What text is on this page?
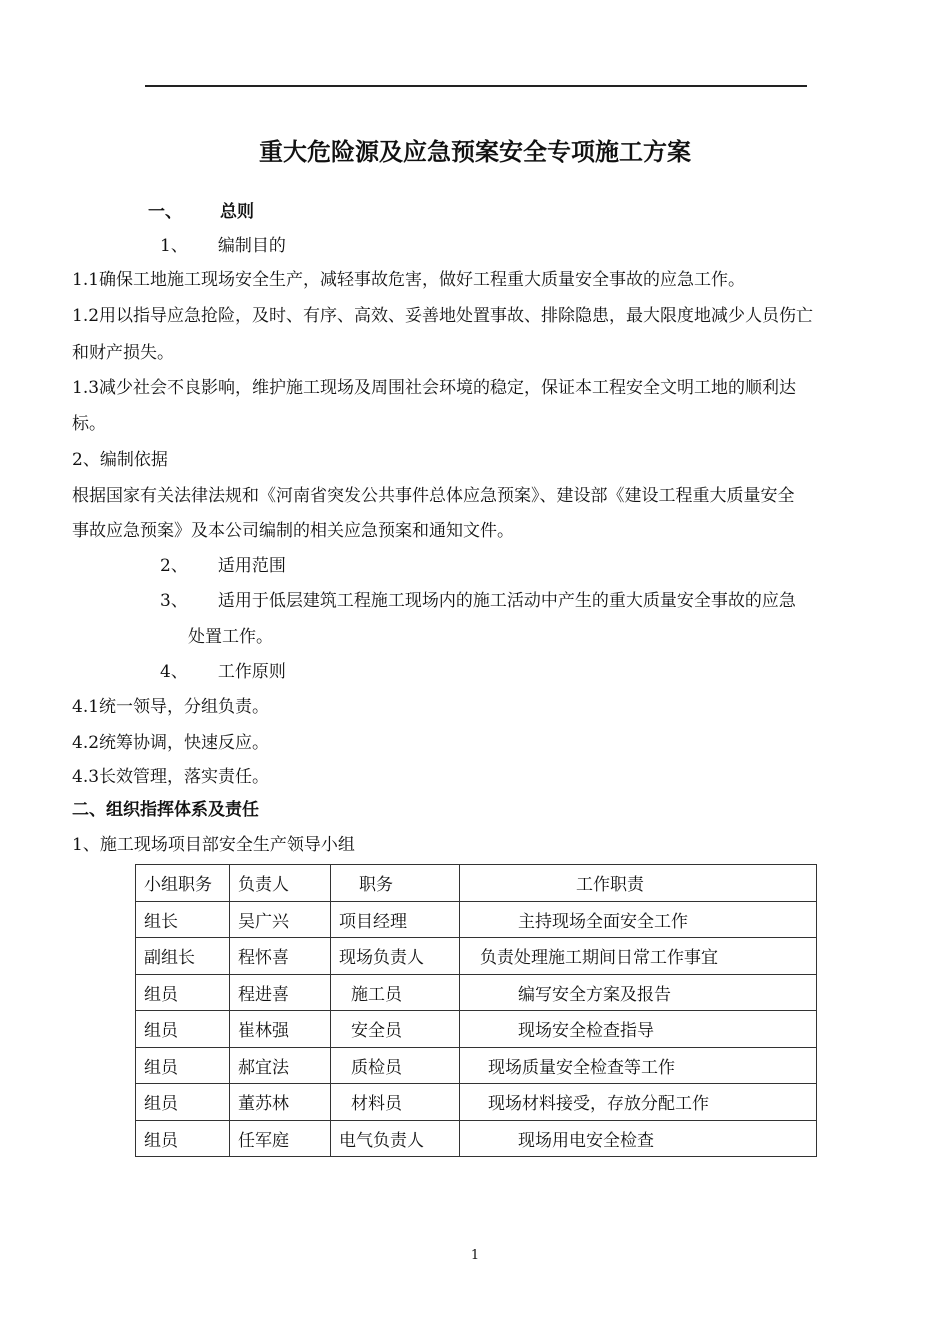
重大危险源及应急预案安全专项施工方案
一、 总则
1、 编制目的
1.1确保工地施工现场安全生产，减轻事故危害，做好工程重大质量安全事故的应急工作。
1.2用以指导应急抢险，及时、有序、高效、妥善地处置事故、排除隐患，最大限度地减少人员伤亡
和财产损失。
1.3减少社会不良影响，维护施工现场及周围社会环境的稳定，保证本工程安全文明工地的顺利达
标。
2、编制依据
根据国家有关法律法规和《河南省突发公共事件总体应急预案》、建设部《建设工程重大质量安全
事故应急预案》及本公司编制的相关应急预案和通知文件。
2、 适用范围
3、 适用于低层建筑工程施工现场内的施工活动中产生的重大质量安全事故的应急
处置工作。
4、 工作原则
4.1统一领导，分组负责。
4.2统筹协调，快速反应。
4.3长效管理，落实责任。
二、组织指挥体系及责任
1、施工现场项目部安全生产领导小组
小组职务	负责人	职务	工作职责
组长	吴广兴	项目经理	主持现场全面安全工作
副组长	程怀喜	现场负责人	负责处理施工期间日常工作事宜
组员	程进喜	施工员	编写安全方案及报告
组员	崔林强	安全员	现场安全检查指导
组员	郝宜法	质检员	现场质量安全检查等工作
组员	董苏林	材料员	现场材料接受，存放分配工作
组员	任军庭	电气负责人	现场用电安全检查
1
